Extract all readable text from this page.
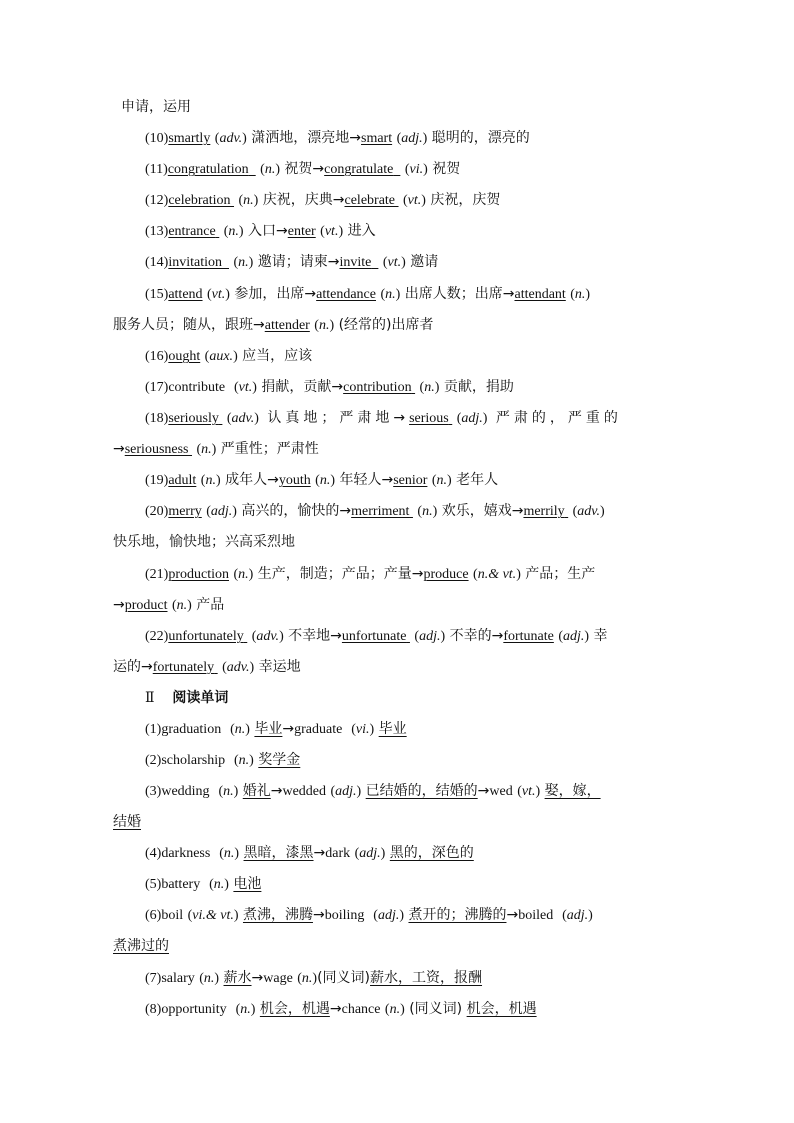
申请，运用
(10)smartly (adv.) 潇洒地，漂亮地→smart (adj.) 聪明的，漂亮的
(11)congratulation (n.) 祝贺→congratulate (vi.) 祝贺
(12)celebration (n.) 庆祝，庆典→celebrate (vt.) 庆祝，庆贺
(13)entrance (n.) 入口→enter (vt.) 进入
(14)invitation (n.) 邀请；请柬→invite (vt.) 邀请
(15)attend (vt.) 参加，出席→attendance (n.) 出席人数；出席→attendant (n.)
服务人员；随从，跟班→attender (n.) (经常的)出席者
(16)ought (aux.) 应当，应该
(17)contribute (vt.) 捐献，贡献→contribution (n.) 贡献，捐助
(18)seriously (adv.) 认真地；严肃地→serious (adj.) 严肃的，严重的
→seriousness (n.) 严重性；严肃性
(19)adult (n.) 成年人→youth (n.) 年轻人→senior (n.) 老年人
(20)merry (adj.) 高兴的，愉快的→merriment (n.) 欢乐，嬉戏→merrily (adv.)
快乐地，愉快地；兴高采烈地
(21)production (n.) 生产，制造；产品；产量→produce (n.& vt.) 产品；生产
→product (n.) 产品
(22)unfortunately (adv.) 不幸地→unfortunate (adj.) 不幸的→fortunate (adj.) 幸
运的→fortunately (adv.) 幸运地
Ⅱ 阅读单词
(1)graduation (n.) 毕业→graduate (vi.) 毕业
(2)scholarship (n.) 奖学金
(3)wedding (n.) 婚礼→wedded (adj.) 已结婚的，结婚的→wed (vt.) 娶，嫁，
结婚
(4)darkness (n.) 黑暗，漆黑→dark (adj.) 黑的，深色的
(5)battery (n.) 电池
(6)boil (vi.& vt.) 煮沸，沸腾→boiling (adj.) 煮开的；沸腾的→boiled (adj.)
煮沸过的
(7)salary (n.) 薪水→wage (n.)(同义词)薪水，工资，报酬
(8)opportunity (n.) 机会，机遇→chance (n.) (同义词) 机会，机遇
